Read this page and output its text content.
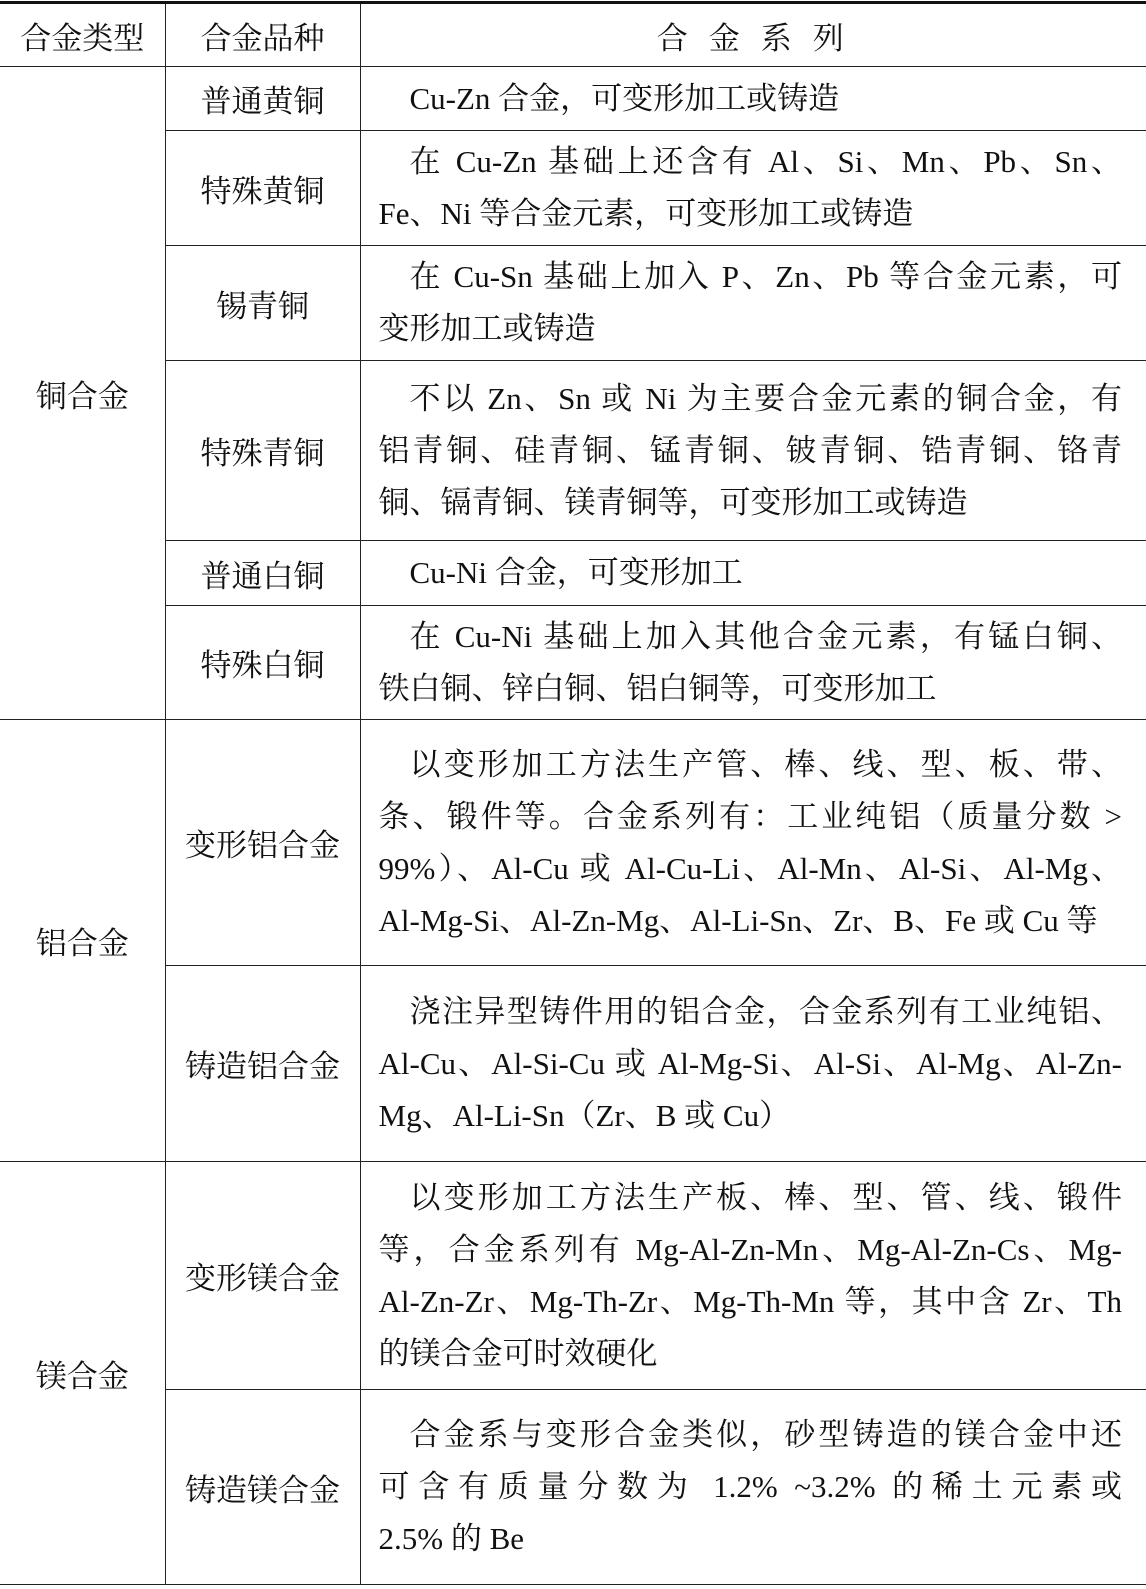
合金类型	合金品种	合金系列
铜合金	普通黄铜	Cu-Zn 合金，可变形加工或铸造

	特殊黄铜	在 Cu-Zn 基础上还含有 Al、Si、Mn、Pb、Sn、
Fe、Ni 等合金元素，可变形加工或铸造

	锡青铜	在 Cu-Sn 基础上加入 P、Zn、Pb 等合金元素，可
变形加工或铸造

	特殊青铜	不以 Zn、Sn 或 Ni 为主要合金元素的铜合金，有
铝青铜、硅青铜、锰青铜、铍青铜、锆青铜、铬青
铜、镉青铜、镁青铜等，可变形加工或铸造

	普通白铜	Cu-Ni 合金，可变形加工

	特殊白铜	在 Cu-Ni 基础上加入其他合金元素，有锰白铜、
铁白铜、锌白铜、铝白铜等，可变形加工

铝合金	变形铝合金	以变形加工方法生产管、棒、线、型、板、带、
条、锻件等。合金系列有：工业纯铝（质量分数 >
99%）、Al-Cu 或 Al-Cu-Li、Al-Mn、Al-Si、Al-Mg、
Al-Mg-Si、Al-Zn-Mg、Al-Li-Sn、Zr、B、Fe 或 Cu 等

	铸造铝合金	浇注异型铸件用的铝合金，合金系列有工业纯铝、
Al-Cu、Al-Si-Cu 或 Al-Mg-Si、Al-Si、Al-Mg、Al-Zn-
Mg、Al-Li-Sn（Zr、B 或 Cu）

镁合金	变形镁合金	以变形加工方法生产板、棒、型、管、线、锻件
等，合金系列有 Mg-Al-Zn-Mn、Mg-Al-Zn-Cs、Mg-
Al-Zn-Zr、Mg-Th-Zr、Mg-Th-Mn 等，其中含 Zr、Th
的镁合金可时效硬化

	铸造镁合金	合金系与变形合金类似，砂型铸造的镁合金中还
可含有质量分数为 1.2% ~3.2% 的稀土元素或
2.5% 的 Be
